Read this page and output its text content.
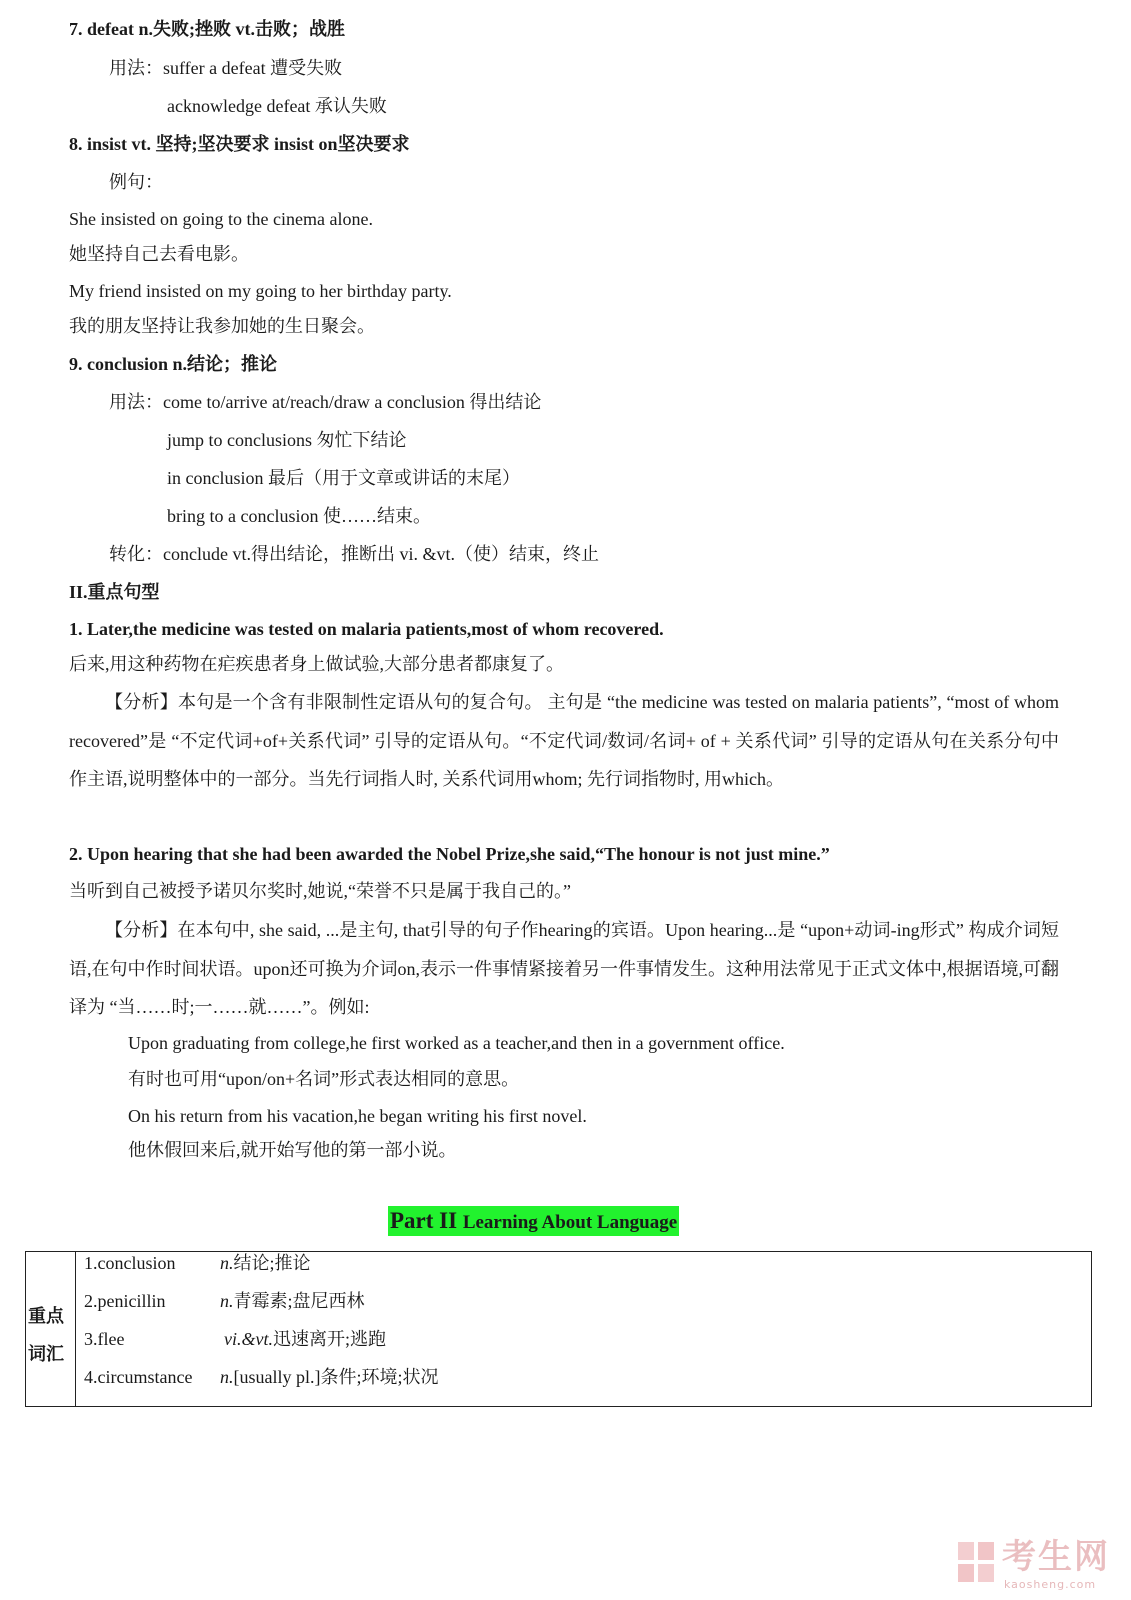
7. defeat n.失败;挫败 vt.击败；战胜
用法：suffer a defeat 遭受失败
acknowledge defeat 承认失败
8. insist vt. 坚持;坚决要求 insist on坚决要求
例句：
She insisted on going to the cinema alone.
她坚持自己去看电影。
My friend insisted on my going to her birthday party.
我的朋友坚持让我参加她的生日聚会。
9. conclusion n.结论；推论
用法：come to/arrive at/reach/draw a conclusion 得出结论
jump to conclusions 匆忙下结论
in conclusion 最后（用于文章或讲话的末尾）
bring to a conclusion 使……结束。
转化：conclude vt.得出结论，推断出 vi. &vt.（使）结束，终止
II.重点句型
1. Later,the medicine was tested on malaria patients,most of whom recovered.
后来,用这种药物在疟疾患者身上做试验,大部分患者都康复了。
【分析】本句是一个含有非限制性定语从句的复合句。 主句是 “the medicine was tested on malaria patients”, “most of whom recovered”是 “不定代词+of+关系代词” 引导的定语从句。“不定代词/数词/名词+ of + 关系代词” 引导的定语从句在关系分句中作主语,说明整体中的一部分。当先行词指人时, 关系代词用whom; 先行词指物时, 用which。
2. Upon hearing that she had been awarded the Nobel Prize,she said,“The honour is not just mine.”
当听到自己被授予诺贝尔奖时,她说,“荣誉不只是属于我自己的。”
【分析】在本句中, she said, ...是主句, that引导的句子作hearing的宾语。Upon hearing...是 “upon+动词-ing形式” 构成介词短语,在句中作时间状语。upon还可换为介词on,表示一件事情紧接着另一件事情发生。这种用法常见于正式文体中,根据语境,可翻译为 “当……时;一……就……”。例如:
Upon graduating from college,he first worked as a teacher,and then in a government office.
有时也可用“upon/on+名词”形式表达相同的意思。
On his return from his vacation,he began writing his first novel.
他休假回来后,就开始写他的第一部小说。
Part II Learning About Language
重点
词汇
1.conclusion n.结论;推论
2.penicillin	n.青霉素;盘尼西林
3.flee	vi.&vt.迅速离开;逃跑
4.circumstance n.[usually pl.]条件;环境;状况
考生网
kaosheng.com
